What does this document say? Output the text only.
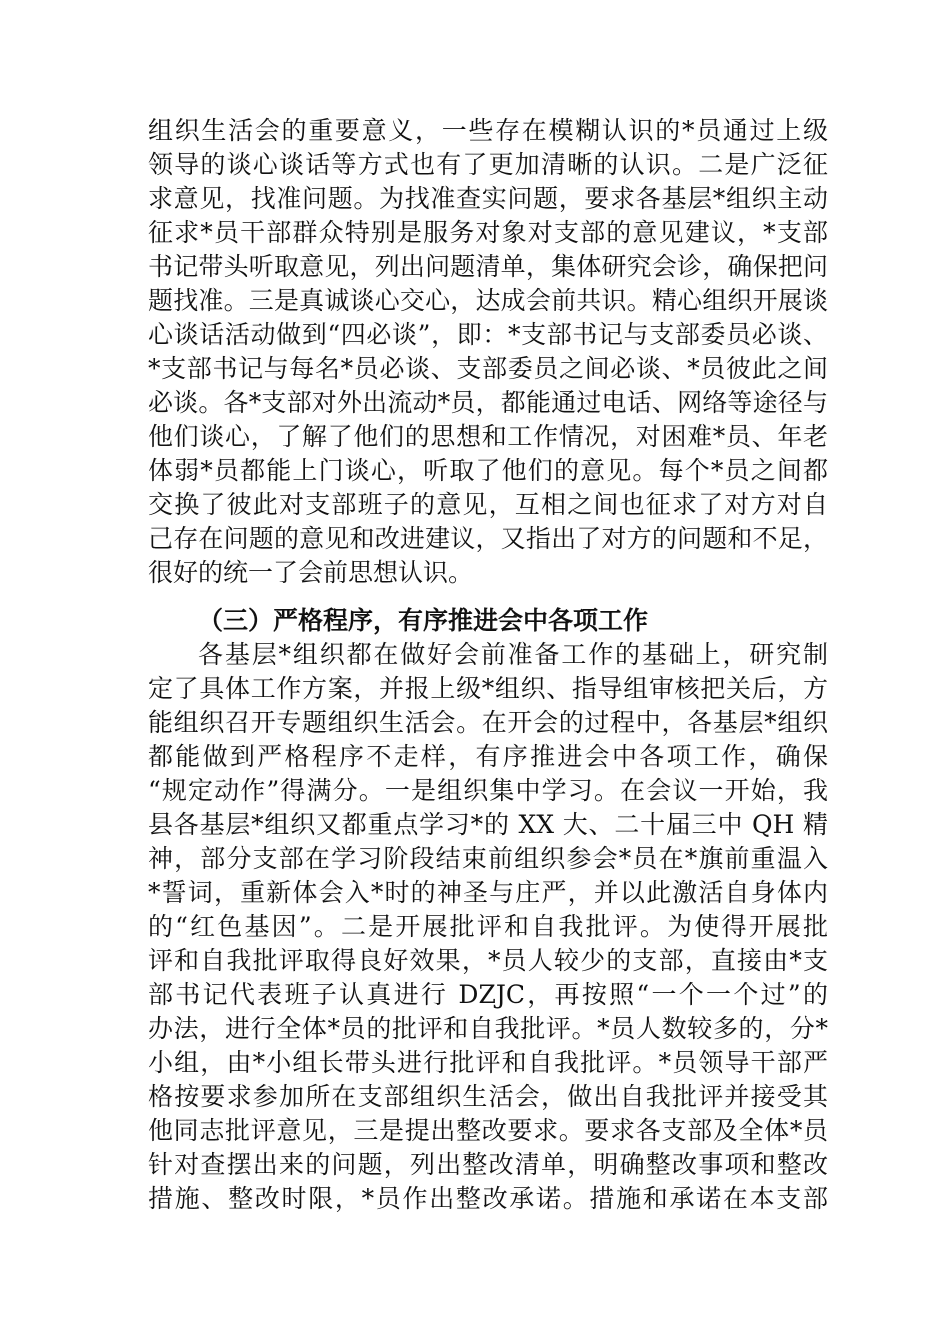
组织生活会的重要意义，一些存在模糊认识的*员通过上级
领导的谈心谈话等方式也有了更加清晰的认识。二是广泛征
求意见，找准问题。为找准查实问题，要求各基层*组织主动
征求*员干部群众特别是服务对象对支部的意见建议，*支部
书记带头听取意见，列出问题清单，集体研究会诊，确保把问
题找准。三是真诚谈心交心，达成会前共识。精心组织开展谈
心谈话活动做到“四必谈”，即：*支部书记与支部委员必谈、
*支部书记与每名*员必谈、支部委员之间必谈、*员彼此之间
必谈。各*支部对外出流动*员，都能通过电话、网络等途径与
他们谈心，了解了他们的思想和工作情况，对困难*员、年老
体弱*员都能上门谈心，听取了他们的意见。每个*员之间都
交换了彼此对支部班子的意见，互相之间也征求了对方对自
己存在问题的意见和改进建议，又指出了对方的问题和不足，
很好的统一了会前思想认识。
（三）严格程序，有序推进会中各项工作
各基层*组织都在做好会前准备工作的基础上，研究制
定了具体工作方案，并报上级*组织、指导组审核把关后，方
能组织召开专题组织生活会。在开会的过程中，各基层*组织
都能做到严格程序不走样，有序推进会中各项工作，确保
“规定动作”得满分。一是组织集中学习。在会议一开始，我
县各基层*组织又都重点学习*的 XX 大、二十届三中 QH 精
神，部分支部在学习阶段结束前组织参会*员在*旗前重温入
*誓词，重新体会入*时的神圣与庄严，并以此激活自身体内
的“红色基因”。二是开展批评和自我批评。为使得开展批
评和自我批评取得良好效果，*员人较少的支部，直接由*支
部书记代表班子认真进行 DZJC，再按照“一个一个过”的
办法，进行全体*员的批评和自我批评。*员人数较多的，分*
小组，由*小组长带头进行批评和自我批评。*员领导干部严
格按要求参加所在支部组织生活会，做出自我批评并接受其
他同志批评意见，三是提出整改要求。要求各支部及全体*员
针对查摆出来的问题，列出整改清单，明确整改事项和整改
措施、整改时限，*员作出整改承诺。措施和承诺在本支部
